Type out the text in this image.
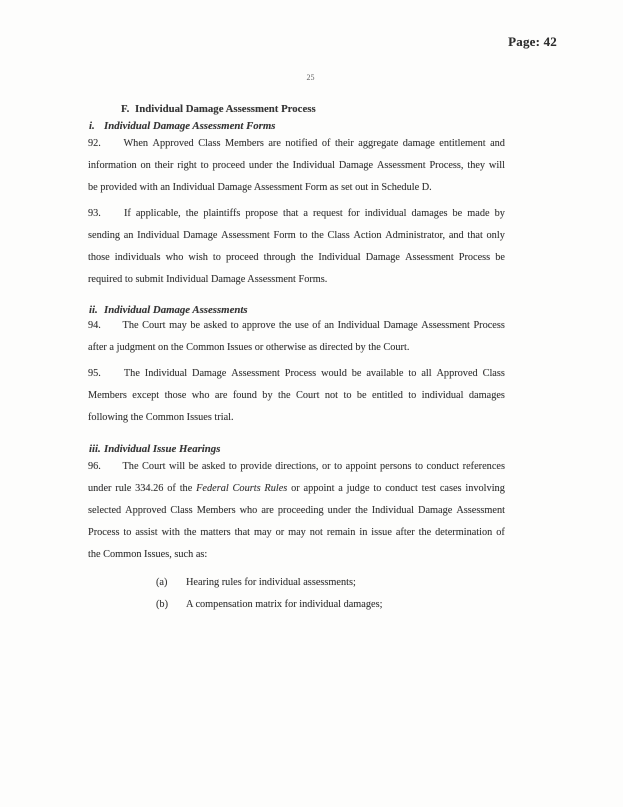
Page: 42
25
F. Individual Damage Assessment Process
i. Individual Damage Assessment Forms
92.	When Approved Class Members are notified of their aggregate damage entitlement and
information on their right to proceed under the Individual Damage Assessment Process, they will
be provided with an Individual Damage Assessment Form as set out in Schedule D.
93.	If applicable, the plaintiffs propose that a request for individual damages be made by
sending an Individual Damage Assessment Form to the Class Action Administrator, and that only
those individuals who wish to proceed through the Individual Damage Assessment Process be
required to submit Individual Damage Assessment Forms.
ii. Individual Damage Assessments
94.	The Court may be asked to approve the use of an Individual Damage Assessment Process
after a judgment on the Common Issues or otherwise as directed by the Court.
95.	The Individual Damage Assessment Process would be available to all Approved Class
Members except those who are found by the Court not to be entitled to individual damages
following the Common Issues trial.
iii. Individual Issue Hearings
96.	The Court will be asked to provide directions, or to appoint persons to conduct references
under rule 334.26 of the Federal Courts Rules or appoint a judge to conduct test cases involving
selected Approved Class Members who are proceeding under the Individual Damage Assessment
Process to assist with the matters that may or may not remain in issue after the determination of
the Common Issues, such as:
(a) Hearing rules for individual assessments;
(b) A compensation matrix for individual damages;
